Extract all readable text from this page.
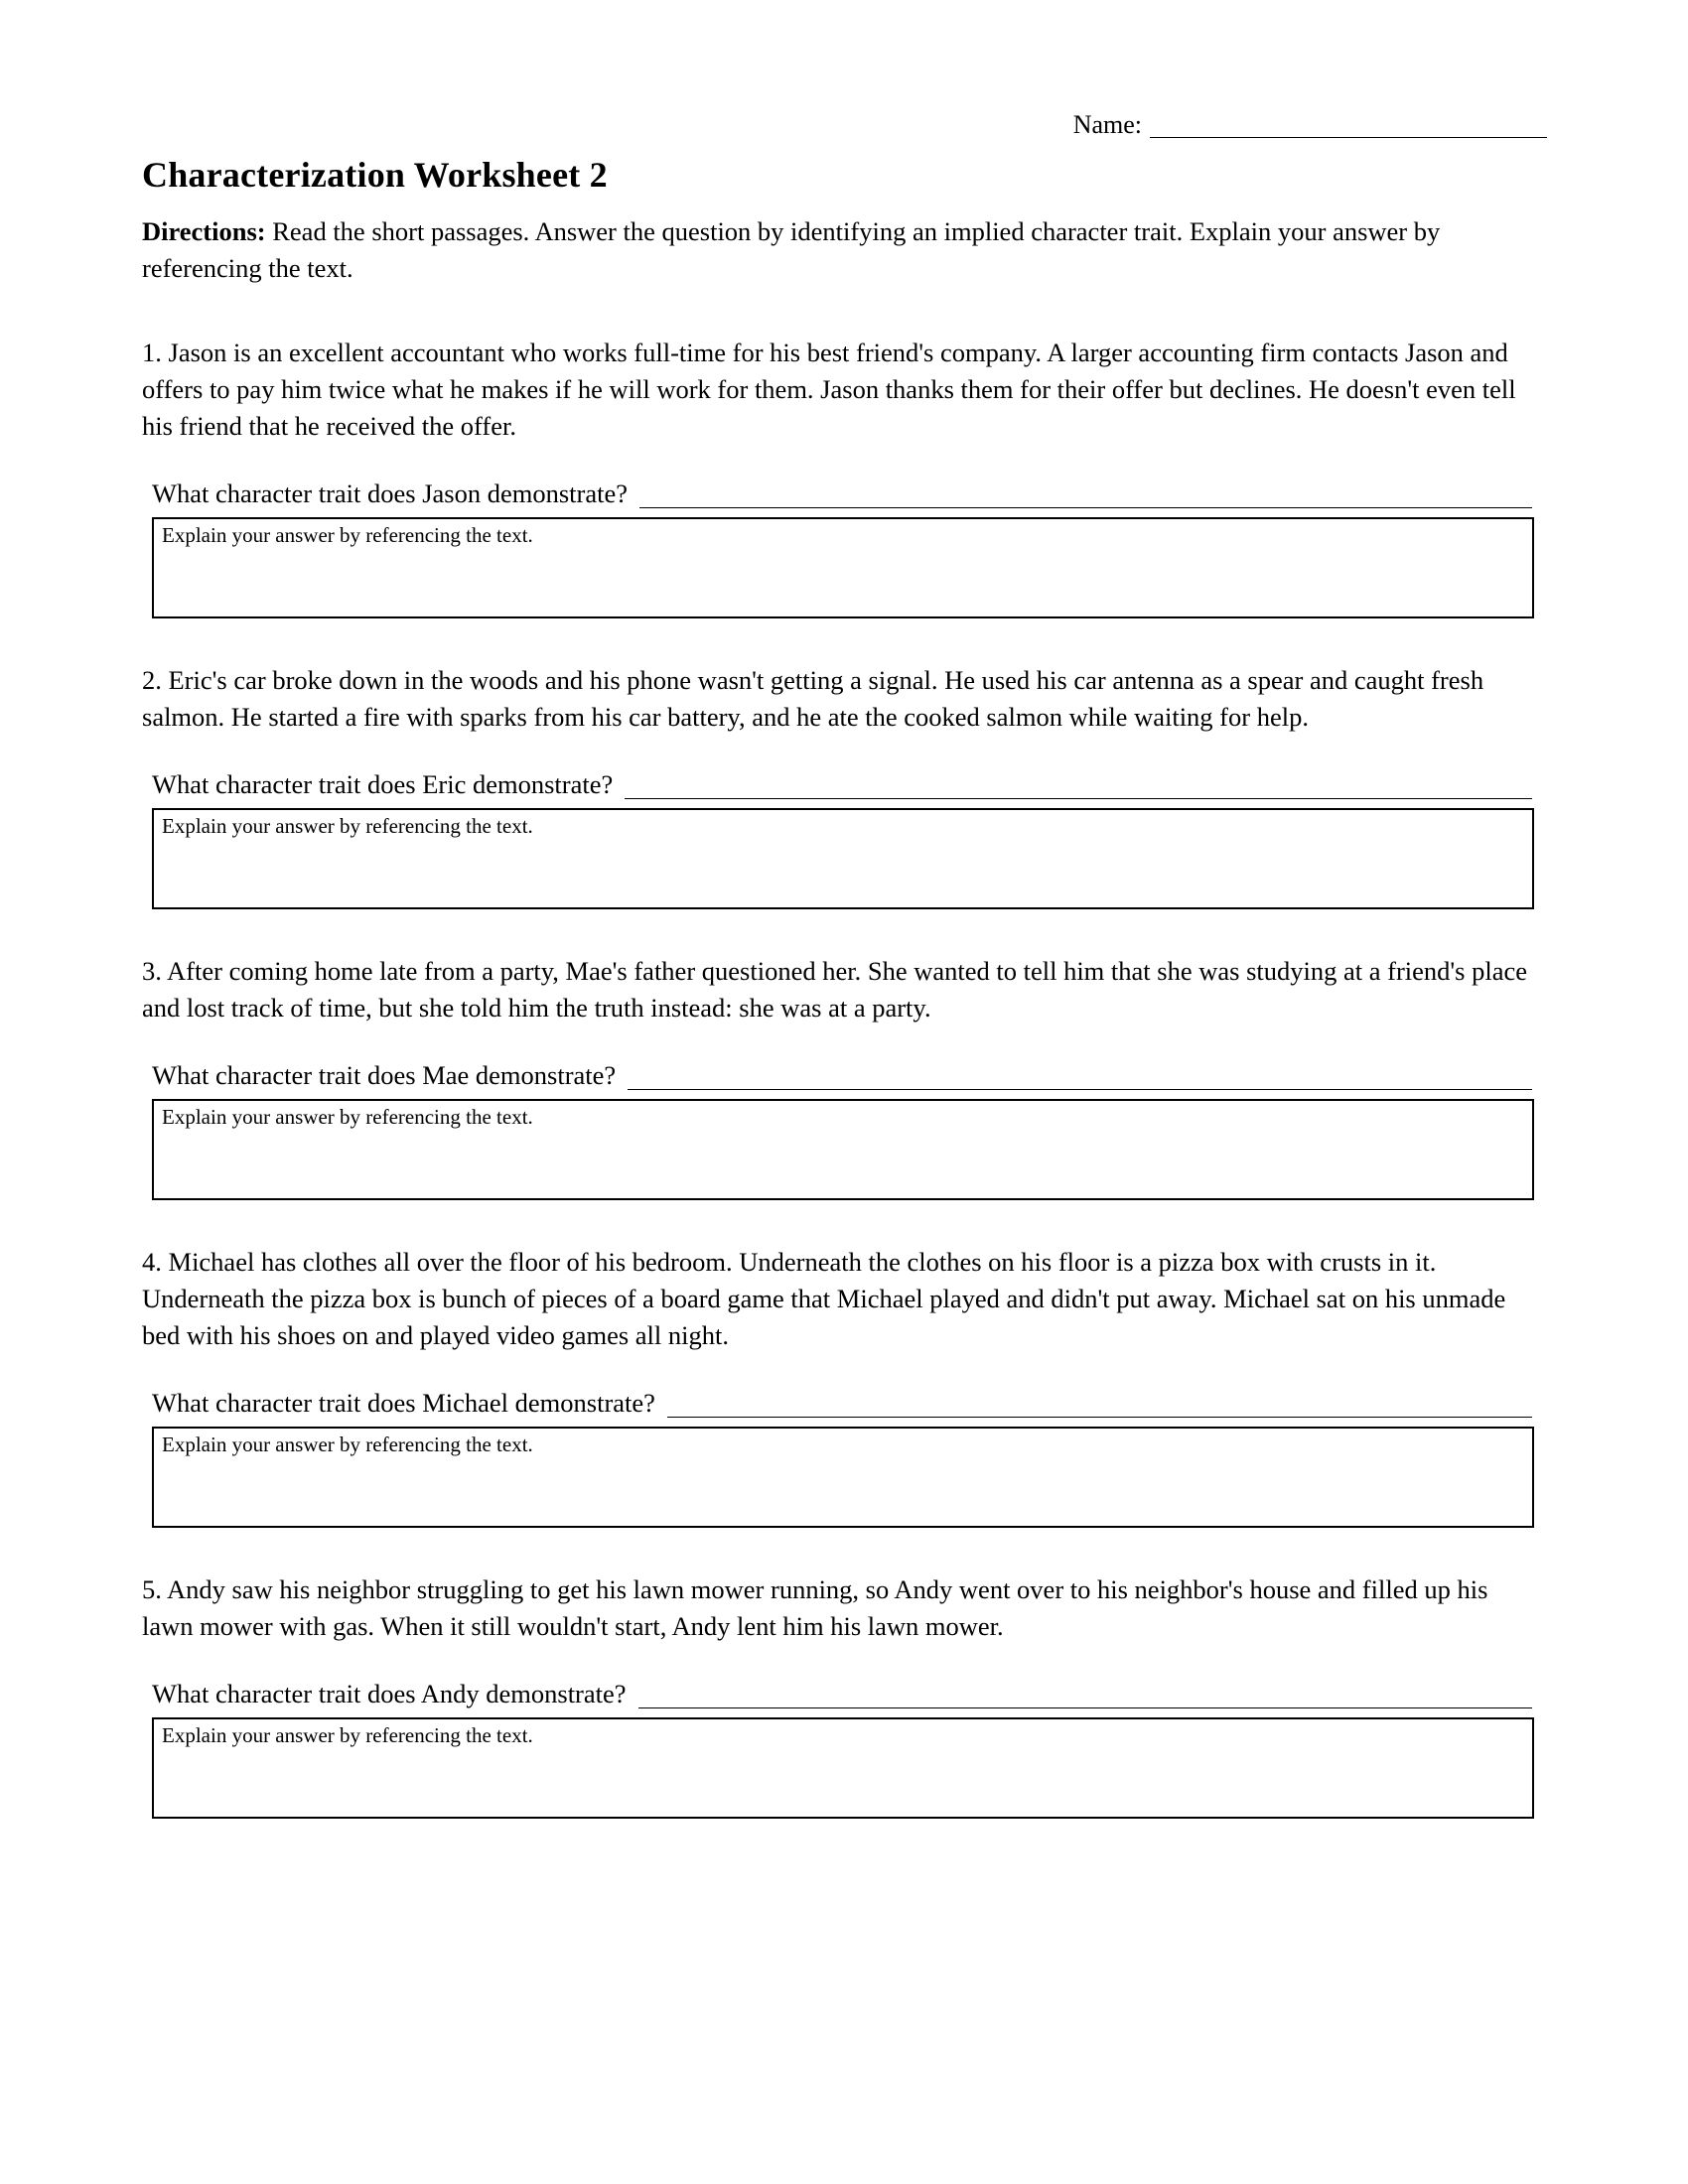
Name:
Characterization Worksheet 2

Directions: Read the short passages. Answer the question by identifying an implied character trait. Explain your answer by referencing the text.

1. Jason is an excellent accountant who works full-time for his best friend's company. A larger accounting firm contacts Jason and offers to pay him twice what he makes if he will work for them. Jason thanks them for their offer but declines. He doesn't even tell his friend that he received the offer.
What character trait does Jason demonstrate?
Explain your answer by referencing the text.
2. Eric's car broke down in the woods and his phone wasn't getting a signal. He used his car antenna as a spear and caught fresh salmon. He started a fire with sparks from his car battery, and he ate the cooked salmon while waiting for help.
What character trait does Eric demonstrate?
Explain your answer by referencing the text.
3. After coming home late from a party, Mae's father questioned her. She wanted to tell him that she was studying at a friend's place and lost track of time, but she told him the truth instead: she was at a party.
What character trait does Mae demonstrate?
Explain your answer by referencing the text.
4. Michael has clothes all over the floor of his bedroom. Underneath the clothes on his floor is a pizza box with crusts in it. Underneath the pizza box is bunch of pieces of a board game that Michael played and didn't put away. Michael sat on his unmade bed with his shoes on and played video games all night.
What character trait does Michael demonstrate?
Explain your answer by referencing the text.
5. Andy saw his neighbor struggling to get his lawn mower running, so Andy went over to his neighbor's house and filled up his lawn mower with gas. When it still wouldn't start, Andy lent him his lawn mower.
What character trait does Andy demonstrate?
Explain your answer by referencing the text.
